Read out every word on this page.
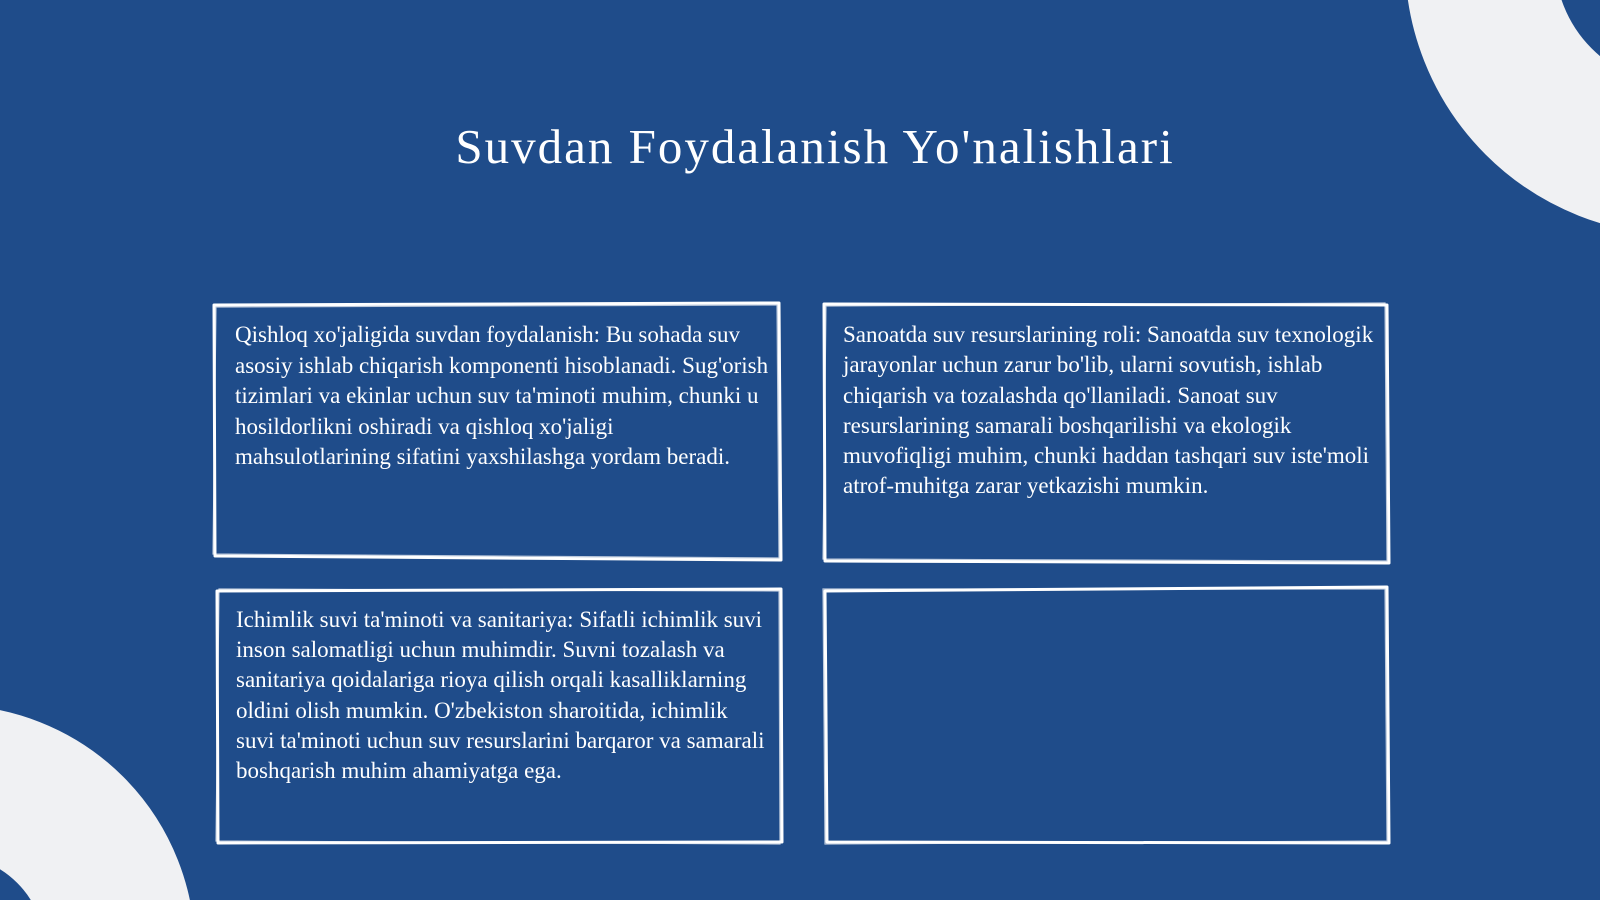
Suvdan Foydalanish Yo'nalishlari
Qishloq xo'jaligida suvdan foydalanish: Bu sohada suv asosiy ishlab chiqarish komponenti hisoblanadi. Sug'orish tizimlari va ekinlar uchun suv ta'minoti muhim, chunki u hosildorlikni oshiradi va qishloq xo'jaligi mahsulotlarining sifatini yaxshilashga yordam beradi.
Sanoatda suv resurslarining roli: Sanoatda suv texnologik jarayonlar uchun zarur bo'lib, ularni sovutish, ishlab chiqarish va tozalashda qo'llaniladi. Sanoat suv resurslarining samarali boshqarilishi va ekologik muvofiqligi muhim, chunki haddan tashqari suv iste'moli atrof-muhitga zarar yetkazishi mumkin.
Ichimlik suvi ta'minoti va sanitariya: Sifatli ichimlik suvi inson salomatligi uchun muhimdir. Suvni tozalash va sanitariya qoidalariga rioya qilish orqali kasalliklarning oldini olish mumkin. O'zbekiston sharoitida, ichimlik suvi ta'minoti uchun suv resurslarini barqaror va samarali boshqarish muhim ahamiyatga ega.
